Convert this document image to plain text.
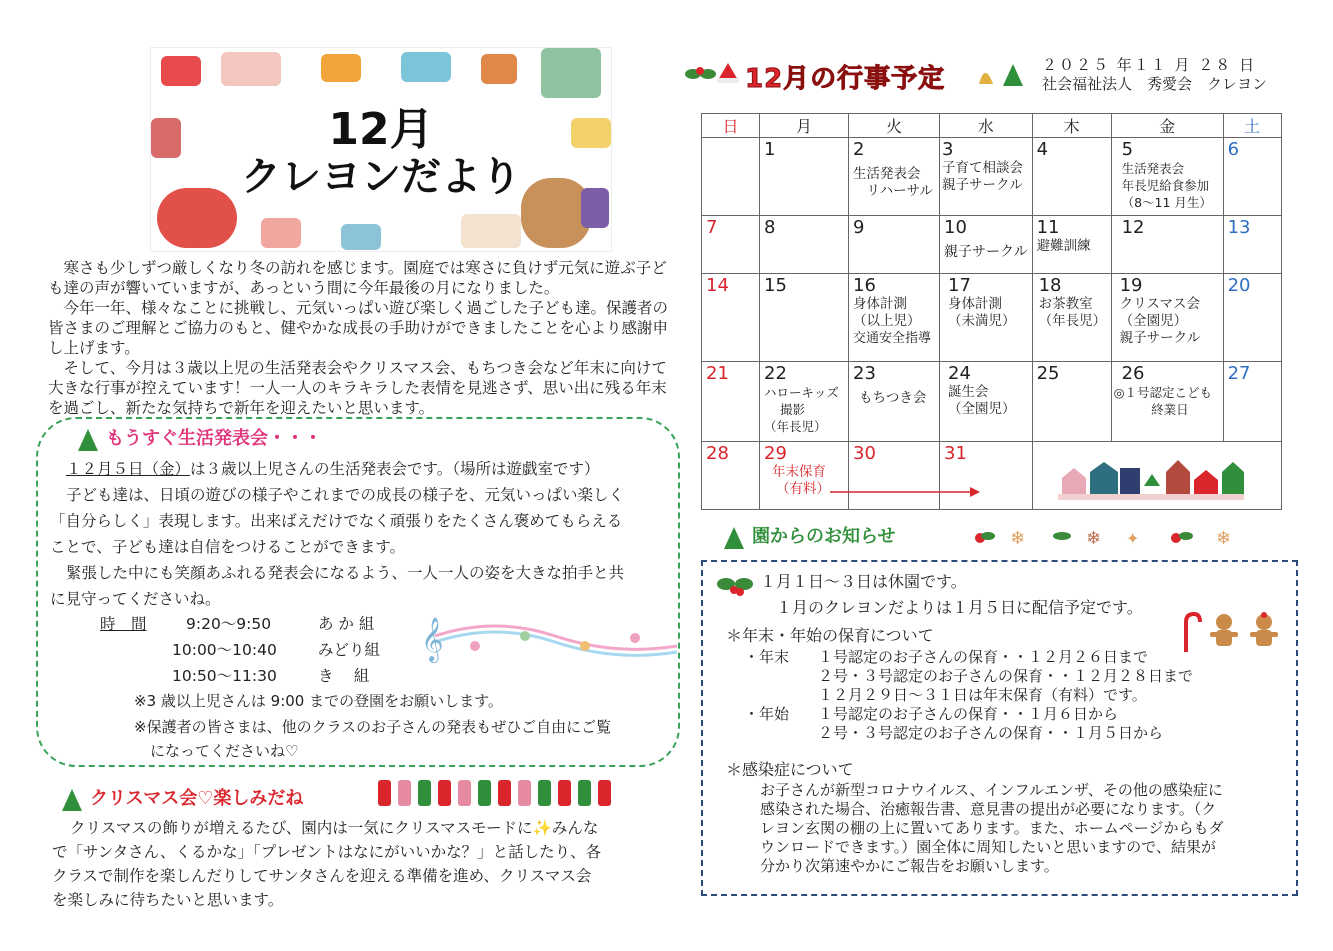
12月
クレヨンだより
12月の行事予定	２０２５ 年１１ 月 ２８ 日
社会福祉法人　秀愛会　クレヨン

寒さも少しずつ厳しくなり冬の訪れを感じます。園庭では寒さに負けず元気に遊ぶ子ども達の声が響いていますが、あっという間に今年最後の月になりました。

今年一年、様々なことに挑戦し、元気いっぱい遊び楽しく過ごした子ども達。保護者の皆さまのご理解とご協力のもと、健やかな成長の手助けができましたことを心より感謝申し上げます。

そして、今月は３歳以上児の生活発表会やクリスマス会、もちつき会など年末に向けて大きな行事が控えています！一人一人のキラキラした表情を見逃さず、思い出に残る年末を過ごし、新たな気持ちで新年を迎えたいと思います。

もうすぐ生活発表会・・・
１２月５日（金）は３歳以上児さんの生活発表会です。（場所は遊戯室です）
子ども達は、日頃の遊びの様子やこれまでの成長の様子を、元気いっぱい楽しく
「自分らしく」表現します。出来ばえだけでなく頑張りをたくさん褒めてもらえる
ことで、子ども達は自信をつけることができます。
緊張した中にも笑顔あふれる発表会になるよう、一人一人の姿を大きな拍手と共
に見守ってくださいね。
時　間	9:20〜9:50	あ か 組
10:00〜10:40	みどり組
10:50〜11:30	き　 組
※3 歳以上児さんは 9:00 までの登園をお願いします。
※保護者の皆さまは、他のクラスのお子さんの発表もぜひご自由にご覧
になってくださいね♡
𝄞
クリスマス会♡楽しみだね
クリスマスの飾りが増えるたび、園内は一気にクリスマスモードに✨みんな
で「サンタさん、くるかな」「プレゼントはなにがいいかな？」と話したり、各
クラスで制作を楽しんだりしてサンタさんを迎える準備を進め、クリスマス会
を楽しみに待ちたいと思います。
日	月	火	水	木	金	土

	1	2
生活発表会
　リハーサル	3
子育て相談会
親子サークル	4	5
生活発表会
年長児給食参加
（8〜11 月生）	6

7	8	9	10
親子サークル	11
避難訓練	12	13

14	15	16
身体計測
（以上児）
交通安全指導	17
身体計測
（未満児）	18
お茶教室
（年長児）	19
クリスマス会
（全園児）
親子サークル	20

21	22
ハローキッズ
撮影
（年長児）	23
もちつき会	24
誕生会
（全園児）	25	26
◎１号認定こども
　　　終業日	27

28	29
年末保育
（有料）	30	31			

園からのお知らせ	❄	❄ ✦	❄
１月１日〜３日は休園です。
１月のクレヨンだよりは１月５日に配信予定です。
＊年末・年始の保育について
・年末 １号認定のお子さんの保育・・１２月２６日まで
２号・３号認定のお子さんの保育・・１２月２８日まで
１２月２９日〜３１日は年末保育（有料）です。
・年始 １号認定のお子さんの保育・・１月６日から
２号・３号認定のお子さんの保育・・１月５日から
＊感染症について
お子さんが新型コロナウイルス、インフルエンザ、その他の感染症に
感染された場合、治癒報告書、意見書の提出が必要になります。（ク
レヨン玄関の棚の上に置いてあります。また、ホームページからもダ
ウンロードできます。）園全体に周知したいと思いますので、結果が
分かり次第速やかにご報告をお願いします。
